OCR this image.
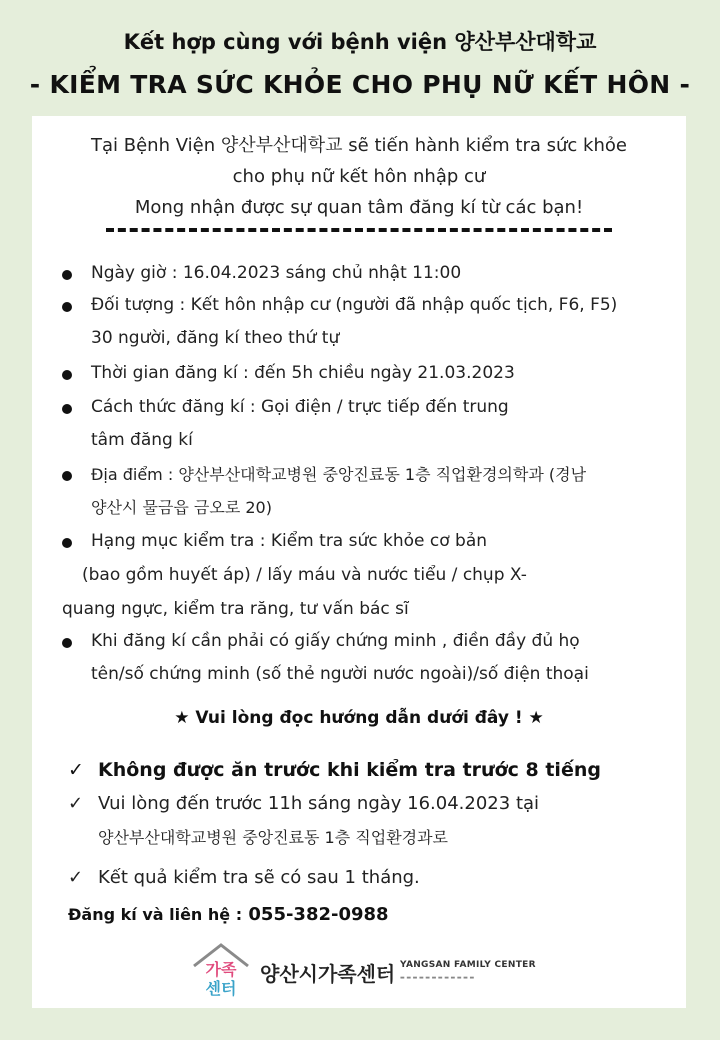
Kết hợp cùng với bệnh viện 양산부산대학교
- KIỂM TRA SỨC KHỎE CHO PHỤ NỮ KẾT HÔN -
Tại Bệnh Viện 양산부산대학교 sẽ tiến hành kiểm tra sức khỏe
cho phụ nữ kết hôn nhập cư
Mong nhận được sự quan tâm đăng kí từ các bạn!
Ngày giờ : 16.04.2023 sáng chủ nhật 11:00
Đối tượng : Kết hôn nhập cư (người đã nhập quốc tịch, F6, F5)
30 người, đăng kí theo thứ tự
Thời gian đăng kí : đến 5h chiều ngày 21.03.2023
Cách thức đăng kí : Gọi điện / trực tiếp đến trung
tâm đăng kí
Địa điểm : 양산부산대학교병원 중앙진료동 1층 직업환경의학과 (경남
양산시 물금읍 금오로 20)
Hạng mục kiểm tra : Kiểm tra sức khỏe cơ bản
(bao gồm huyết áp) / lấy máu và nước tiểu / chụp X-
quang ngực, kiểm tra răng, tư vấn bác sĩ
Khi đăng kí cần phải có giấy chứng minh , điền đầy đủ họ
tên/số chứng minh (số thẻ người nước ngoài)/số điện thoại
★ Vui lòng đọc hướng dẫn dưới đây ! ★
✓ Không được ăn trước khi kiểm tra trước 8 tiếng
✓ Vui lòng đến trước 11h sáng ngày 16.04.2023 tại
양산부산대학교병원 중앙진료동 1층 직업환경과로
✓ Kết quả kiểm tra sẽ có sau 1 tháng.
Đăng kí và liên hệ : 055-382-0988
가족
센터
양산시가족센터 YANGSAN FAMILY CENTER
▬ ▬ ▬ ▬ ▬ ▬ ▬ ▬ ▬ ▬ ▬ ▬
